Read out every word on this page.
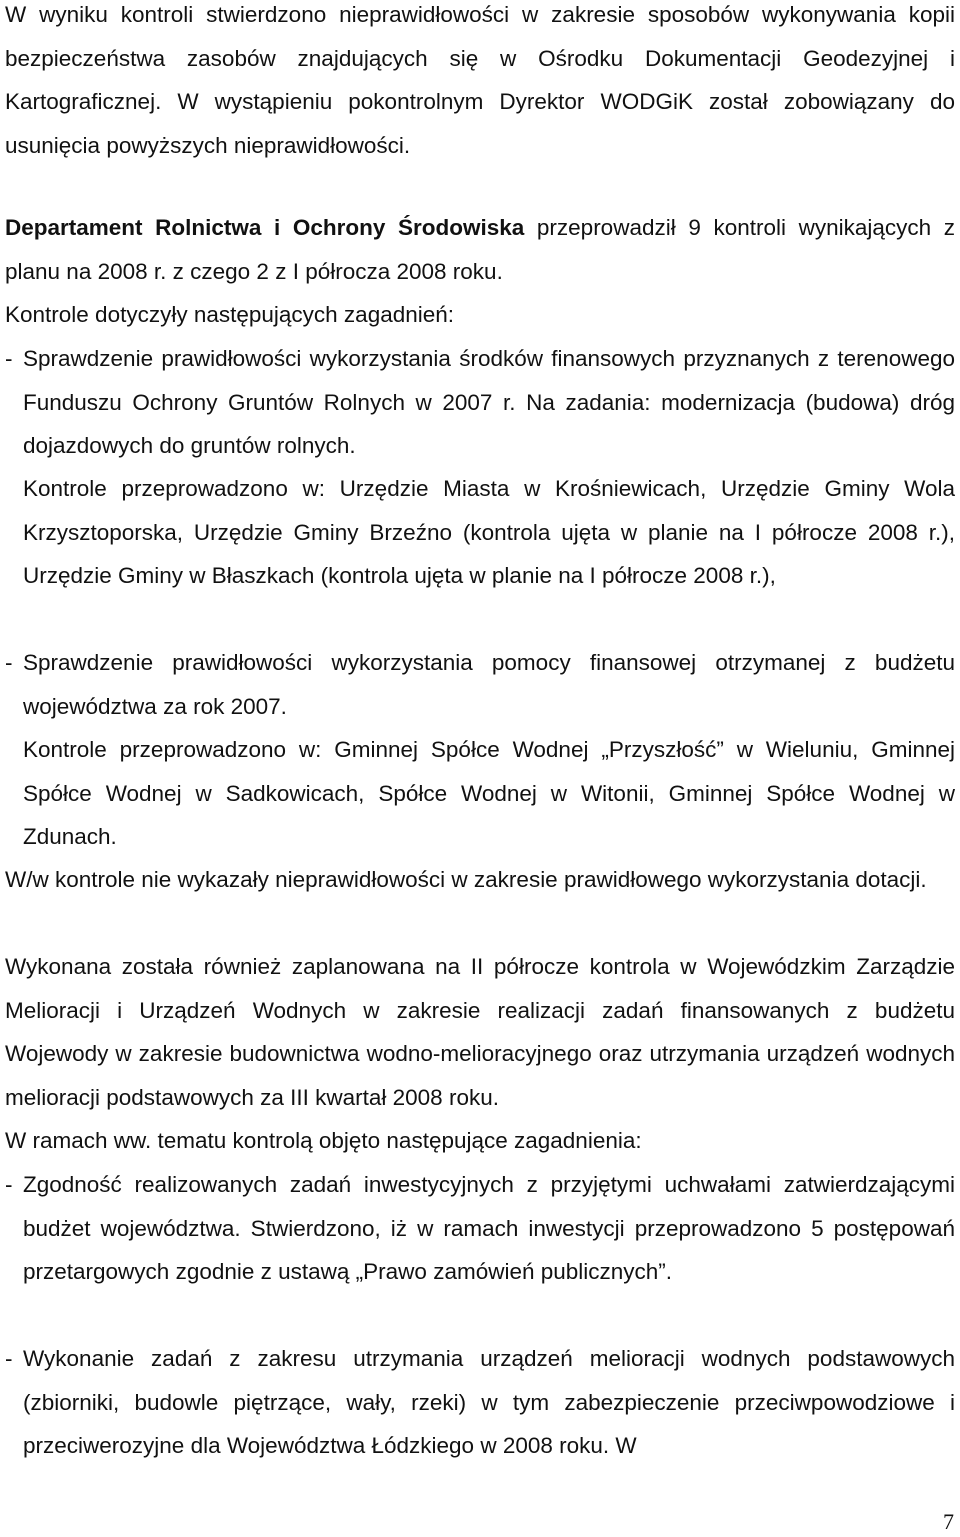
W wyniku kontroli stwierdzono nieprawidłowości w zakresie sposobów wykonywania kopii bezpieczeństwa zasobów znajdujących się w Ośrodku Dokumentacji Geodezyjnej i Kartograficznej. W wystąpieniu pokontrolnym Dyrektor WODGiK został zobowiązany do usunięcia powyższych nieprawidłowości.
Departament Rolnictwa i Ochrony Środowiska przeprowadził 9 kontroli wynikających z planu na 2008 r. z czego 2 z I półrocza 2008 roku.
Kontrole dotyczyły następujących zagadnień:
- Sprawdzenie prawidłowości wykorzystania środków finansowych przyznanych z terenowego Funduszu Ochrony Gruntów Rolnych w 2007 r. Na zadania: modernizacja (budowa) dróg dojazdowych do gruntów rolnych.
Kontrole przeprowadzono w: Urzędzie Miasta w Krośniewicach, Urzędzie Gminy Wola Krzysztoporska, Urzędzie Gminy Brzeźno (kontrola ujęta w planie na I półrocze 2008 r.), Urzędzie Gminy w Błaszkach (kontrola ujęta w planie na I półrocze 2008 r.),
- Sprawdzenie prawidłowości wykorzystania pomocy finansowej otrzymanej z budżetu województwa za rok 2007.
Kontrole przeprowadzono w: Gminnej Spółce Wodnej „Przyszłość” w Wieluniu, Gminnej Spółce Wodnej w Sadkowicach, Spółce Wodnej w Witonii, Gminnej Spółce Wodnej w Zdunach.
W/w kontrole nie wykazały nieprawidłowości w zakresie prawidłowego wykorzystania dotacji.
Wykonana została również zaplanowana na II półrocze kontrola w Wojewódzkim Zarządzie Melioracji i Urządzeń Wodnych w zakresie realizacji zadań finansowanych z budżetu Wojewody w zakresie budownictwa wodno-melioracyjnego oraz utrzymania urządzeń wodnych melioracji podstawowych za III kwartał 2008 roku.
W ramach ww. tematu kontrolą objęto następujące zagadnienia:
- Zgodność realizowanych zadań inwestycyjnych z przyjętymi uchwałami zatwierdzającymi budżet województwa. Stwierdzono, iż w ramach inwestycji przeprowadzono 5 postępowań przetargowych zgodnie z ustawą „Prawo zamówień publicznych”.
- Wykonanie zadań z zakresu utrzymania urządzeń melioracji wodnych podstawowych (zbiorniki, budowle piętrzące, wały, rzeki) w tym zabezpieczenie przeciwpowodziowe i przeciwerozyjne dla Województwa Łódzkiego w 2008 roku. W
7
